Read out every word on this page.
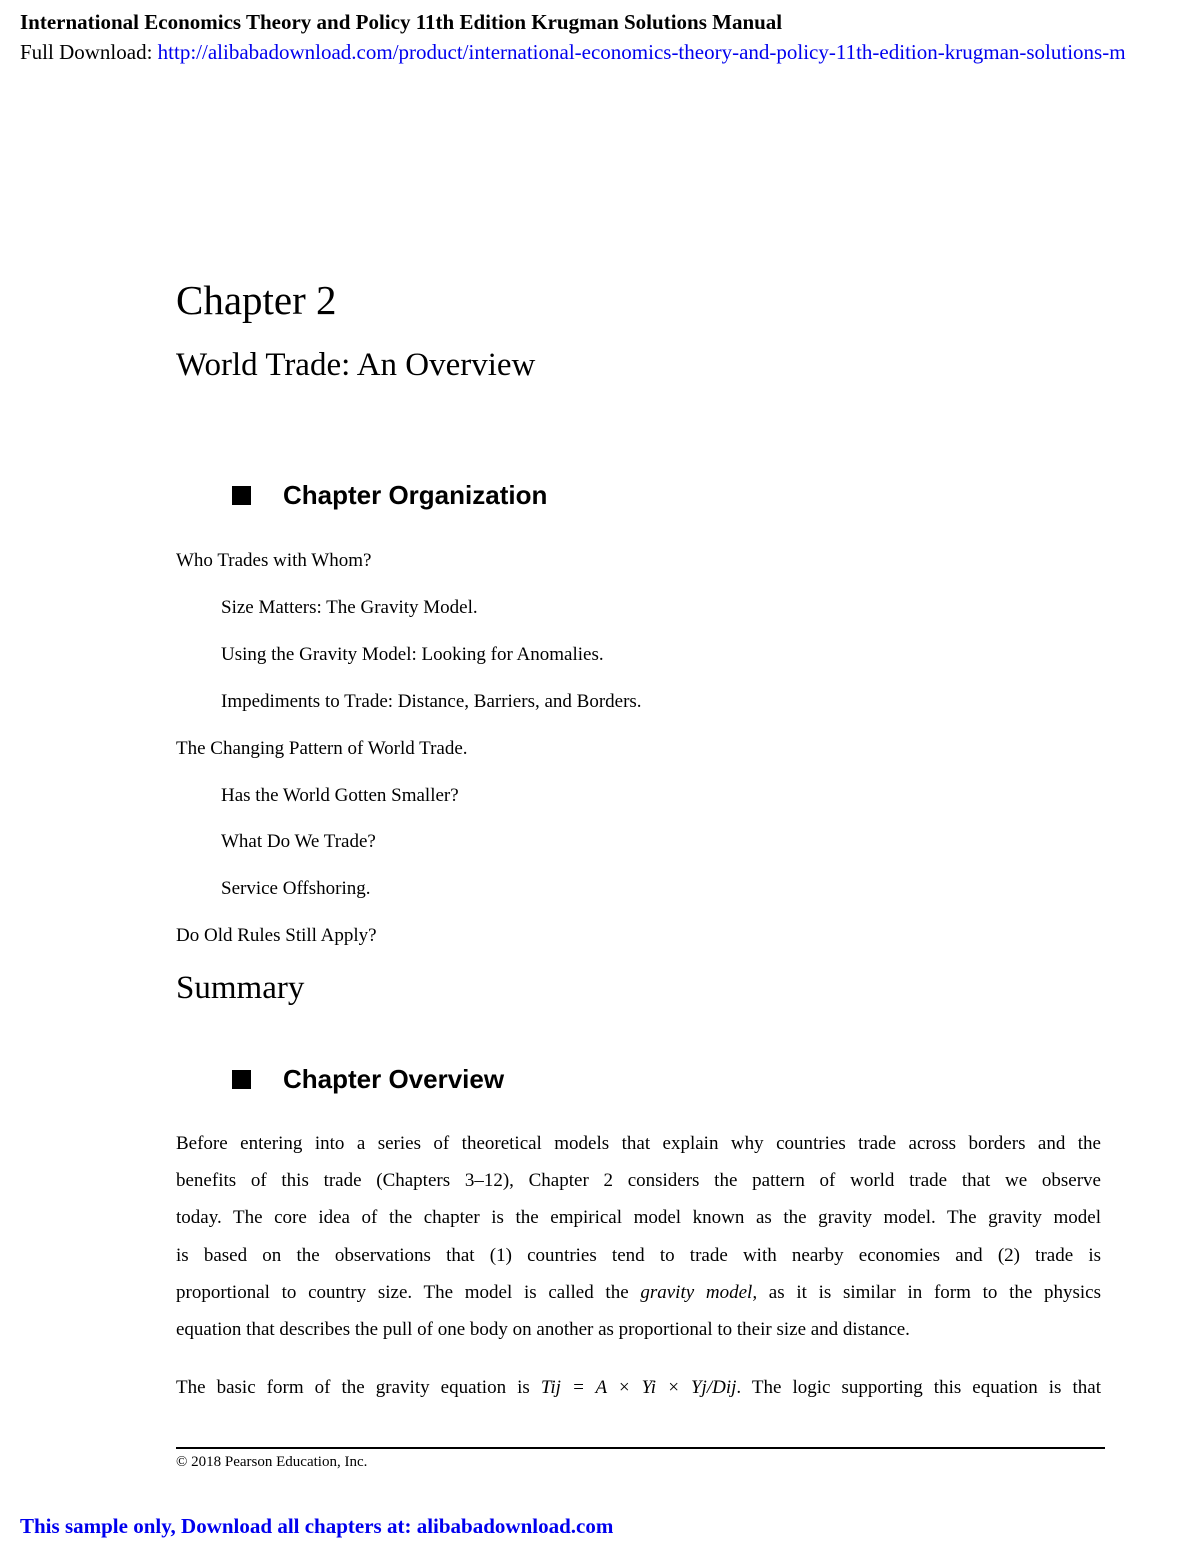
International Economics Theory and Policy 11th Edition Krugman Solutions Manual
Full Download: http://alibabadownload.com/product/international-economics-theory-and-policy-11th-edition-krugman-solutions-m
Chapter 2
World Trade: An Overview
Chapter Organization
Who Trades with Whom?
Size Matters: The Gravity Model.
Using the Gravity Model: Looking for Anomalies.
Impediments to Trade: Distance, Barriers, and Borders.
The Changing Pattern of World Trade.
Has the World Gotten Smaller?
What Do We Trade?
Service Offshoring.
Do Old Rules Still Apply?
Summary
Chapter Overview
Before entering into a series of theoretical models that explain why countries trade across borders and the
benefits of this trade (Chapters 3–12), Chapter 2 considers the pattern of world trade that we observe
today. The core idea of the chapter is the empirical model known as the gravity model. The gravity model
is based on the observations that (1) countries tend to trade with nearby economies and (2) trade is
proportional to country size. The model is called the gravity model, as it is similar in form to the physics
equation that describes the pull of one body on another as proportional to their size and distance.
The basic form of the gravity equation is Tij = A × Yi × Yj/Dij. The logic supporting this equation is that
© 2018 Pearson Education, Inc.
This sample only, Download all chapters at: alibabadownload.com
